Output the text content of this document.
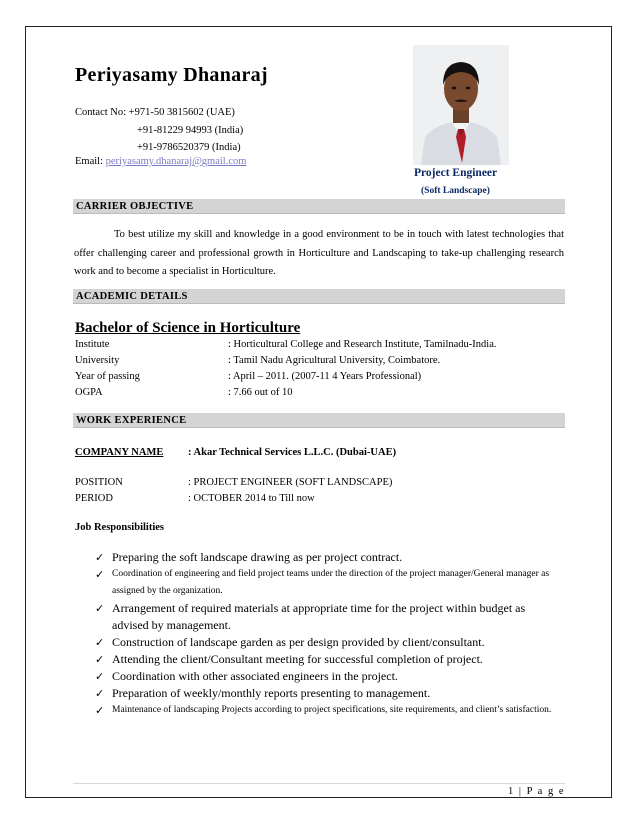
Periyasamy Dhanaraj
Contact No: +971-50 3815602 (UAE)
+91-81229 94993 (India)
+91-9786520379 (India)
Email: periyasamy.dhanaraj@gmail.com
Project Engineer
(Soft Landscape)
CARRIER OBJECTIVE
To best utilize my skill and knowledge in a good environment to be in touch with latest technologies that offer challenging career and professional growth in Horticulture and Landscaping to take-up challenging research work and to become a specialist in Horticulture.
ACADEMIC DETAILS
Bachelor of Science in Horticulture
Institute	: Horticultural College and Research Institute, Tamilnadu-India.
University	: Tamil Nadu Agricultural University, Coimbatore.
Year of passing	: April – 2011. (2007-11 4 Years Professional)
OGPA	: 7.66 out of 10
WORK EXPERIENCE
COMPANY NAME : Akar Technical Services L.L.C. (Dubai-UAE)
POSITION	: PROJECT ENGINEER (SOFT LANDSCAPE)
PERIOD	: OCTOBER 2014 to Till now
Job Responsibilities
✓ Preparing the soft landscape drawing as per project contract.
✓ Coordination of engineering and field project teams under the direction of the project manager/General manager as assigned by the organization.
✓ Arrangement of required materials at appropriate time for the project within budget as advised by management.
✓ Construction of landscape garden as per design provided by client/consultant.
✓ Attending the client/Consultant meeting for successful completion of project.
✓ Coordination with other associated engineers in the project.
✓ Preparation of weekly/monthly reports presenting to management.
✓ Maintenance of landscaping Projects according to project specifications, site requirements, and client’s satisfaction.
1 | P a g e
